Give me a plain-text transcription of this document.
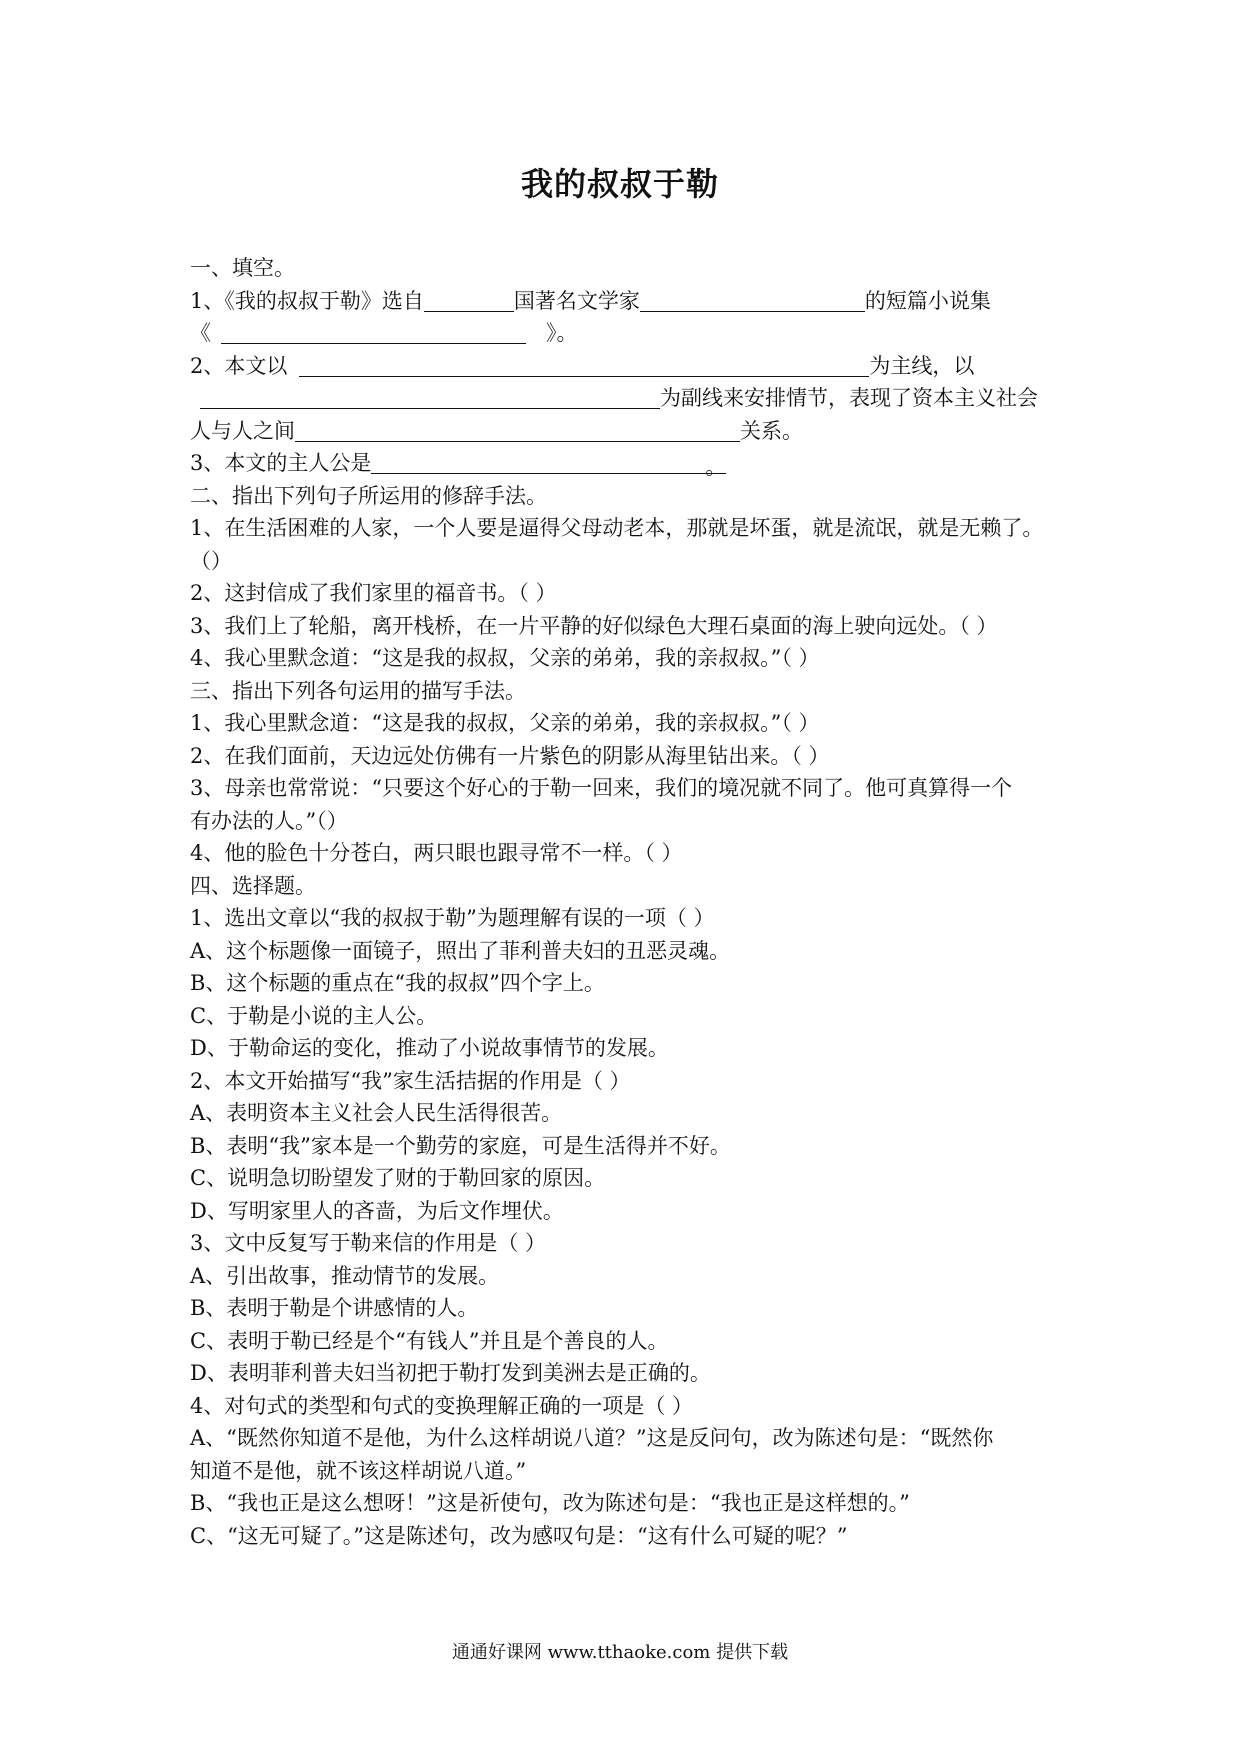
我的叔叔于勒
一、填空。
1、《我的叔叔于勒》选自	国著名文学家	的短篇小说集
《	》。
2、本文以	为主线，以
为副线来安排情节，表现了资本主义社会
人与人之间	关系。
3、本文的主人公是	。
二、指出下列句子所运用的修辞手法。
1、在生活困难的人家，一个人要是逼得父母动老本，那就是坏蛋，就是流氓，就是无赖了。
（）
2、这封信成了我们家里的福音书。（ ）
3、我们上了轮船，离开栈桥，在一片平静的好似绿色大理石桌面的海上驶向远处。（ ）
4、我心里默念道：“这是我的叔叔，父亲的弟弟，我的亲叔叔。”（ ）
三、指出下列各句运用的描写手法。
1、我心里默念道：“这是我的叔叔，父亲的弟弟，我的亲叔叔。”（ ）
2、在我们面前，天边远处仿佛有一片紫色的阴影从海里钻出来。（ ）
3、母亲也常常说：“只要这个好心的于勒一回来，我们的境况就不同了。他可真算得一个
有办法的人。”（）
4、他的脸色十分苍白，两只眼也跟寻常不一样。（ ）
四、选择题。
1、选出文章以“我的叔叔于勒”为题理解有误的一项（ ）
A、这个标题像一面镜子，照出了菲利普夫妇的丑恶灵魂。
B、这个标题的重点在“我的叔叔”四个字上。
C、于勒是小说的主人公。
D、于勒命运的变化，推动了小说故事情节的发展。
2、本文开始描写“我”家生活拮据的作用是（ ）
A、表明资本主义社会人民生活得很苦。
B、表明“我”家本是一个勤劳的家庭，可是生活得并不好。
C、说明急切盼望发了财的于勒回家的原因。
D、写明家里人的吝啬，为后文作埋伏。
3、文中反复写于勒来信的作用是（ ）
A、引出故事，推动情节的发展。
B、表明于勒是个讲感情的人。
C、表明于勒已经是个“有钱人”并且是个善良的人。
D、表明菲利普夫妇当初把于勒打发到美洲去是正确的。
4、对句式的类型和句式的变换理解正确的一项是（ ）
A、“既然你知道不是他，为什么这样胡说八道？”这是反问句，改为陈述句是：“既然你
知道不是他，就不该这样胡说八道。”
B、“我也正是这么想呀！”这是祈使句，改为陈述句是：“我也正是这样想的。”
C、“这无可疑了。”这是陈述句，改为感叹句是：“这有什么可疑的呢？”
通通好课网 www.tthaoke.com 提供下载
